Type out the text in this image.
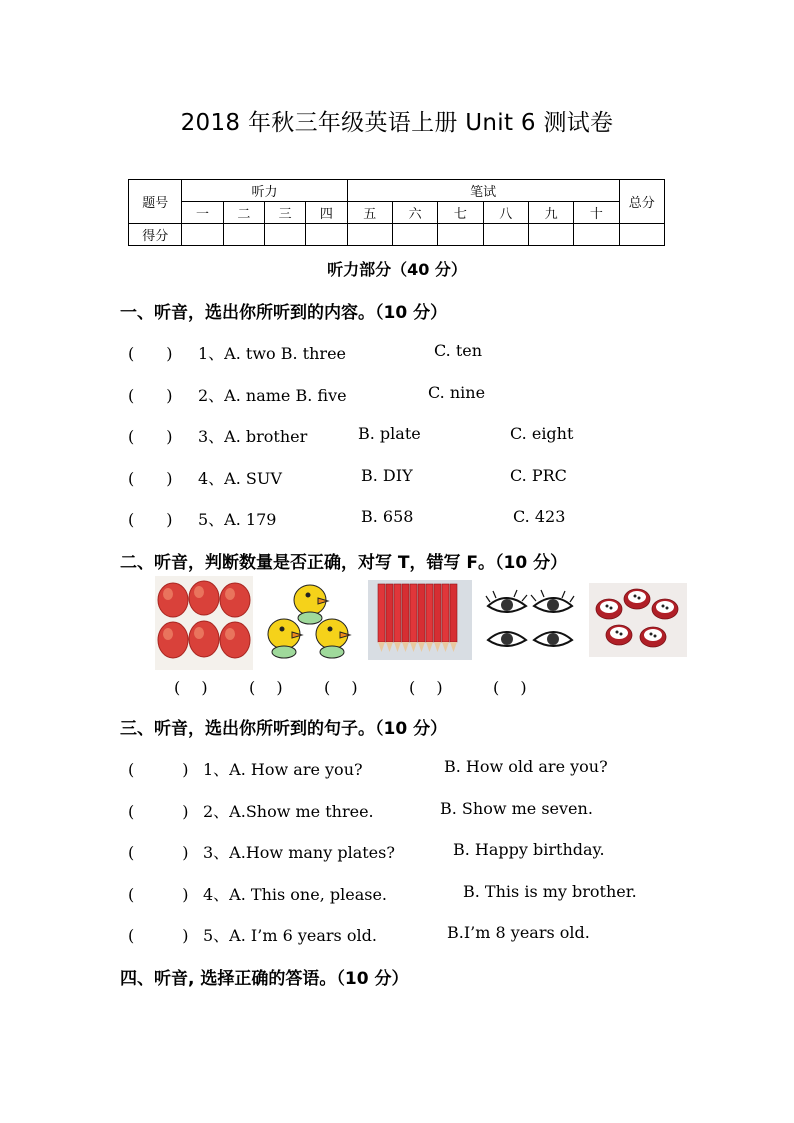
2018 年秋三年级英语上册 Unit 6 测试卷
题号	听力				笔试						总分
	一	二	三	四	五	六	七	八	九	十	
得分											
听力部分（40 分）
一、听音，选出你所听到的内容。（10 分）
(　　) 1、A. two B. three	C. ten
(　　) 2、A. name B. five	C. nine
(　　) 3、A. brother	B. plate	C. eight
(　　) 4、A. SUV	B. DIY	C. PRC
(　　) 5、A. 179	B. 658	C. 423
二、听音，判断数量是否正确，对写 T，错写 F。（10 分）
(　 )	(　 )	(　 )	(　 )	(　 )
三、听音，选出你所听到的句子。（10 分）
(　　　) 1、A. How are you?	B. How old are you?
(　　　) 2、A.Show me three.	B. Show me seven.
(　　　) 3、A.How many plates?	B. Happy birthday.
(　　　) 4、A. This one, please.	B. This is my brother.
(　　　) 5、A. I’m 6 years old.	B.I’m 8 years old.
四、听音, 选择正确的答语。（10 分）
